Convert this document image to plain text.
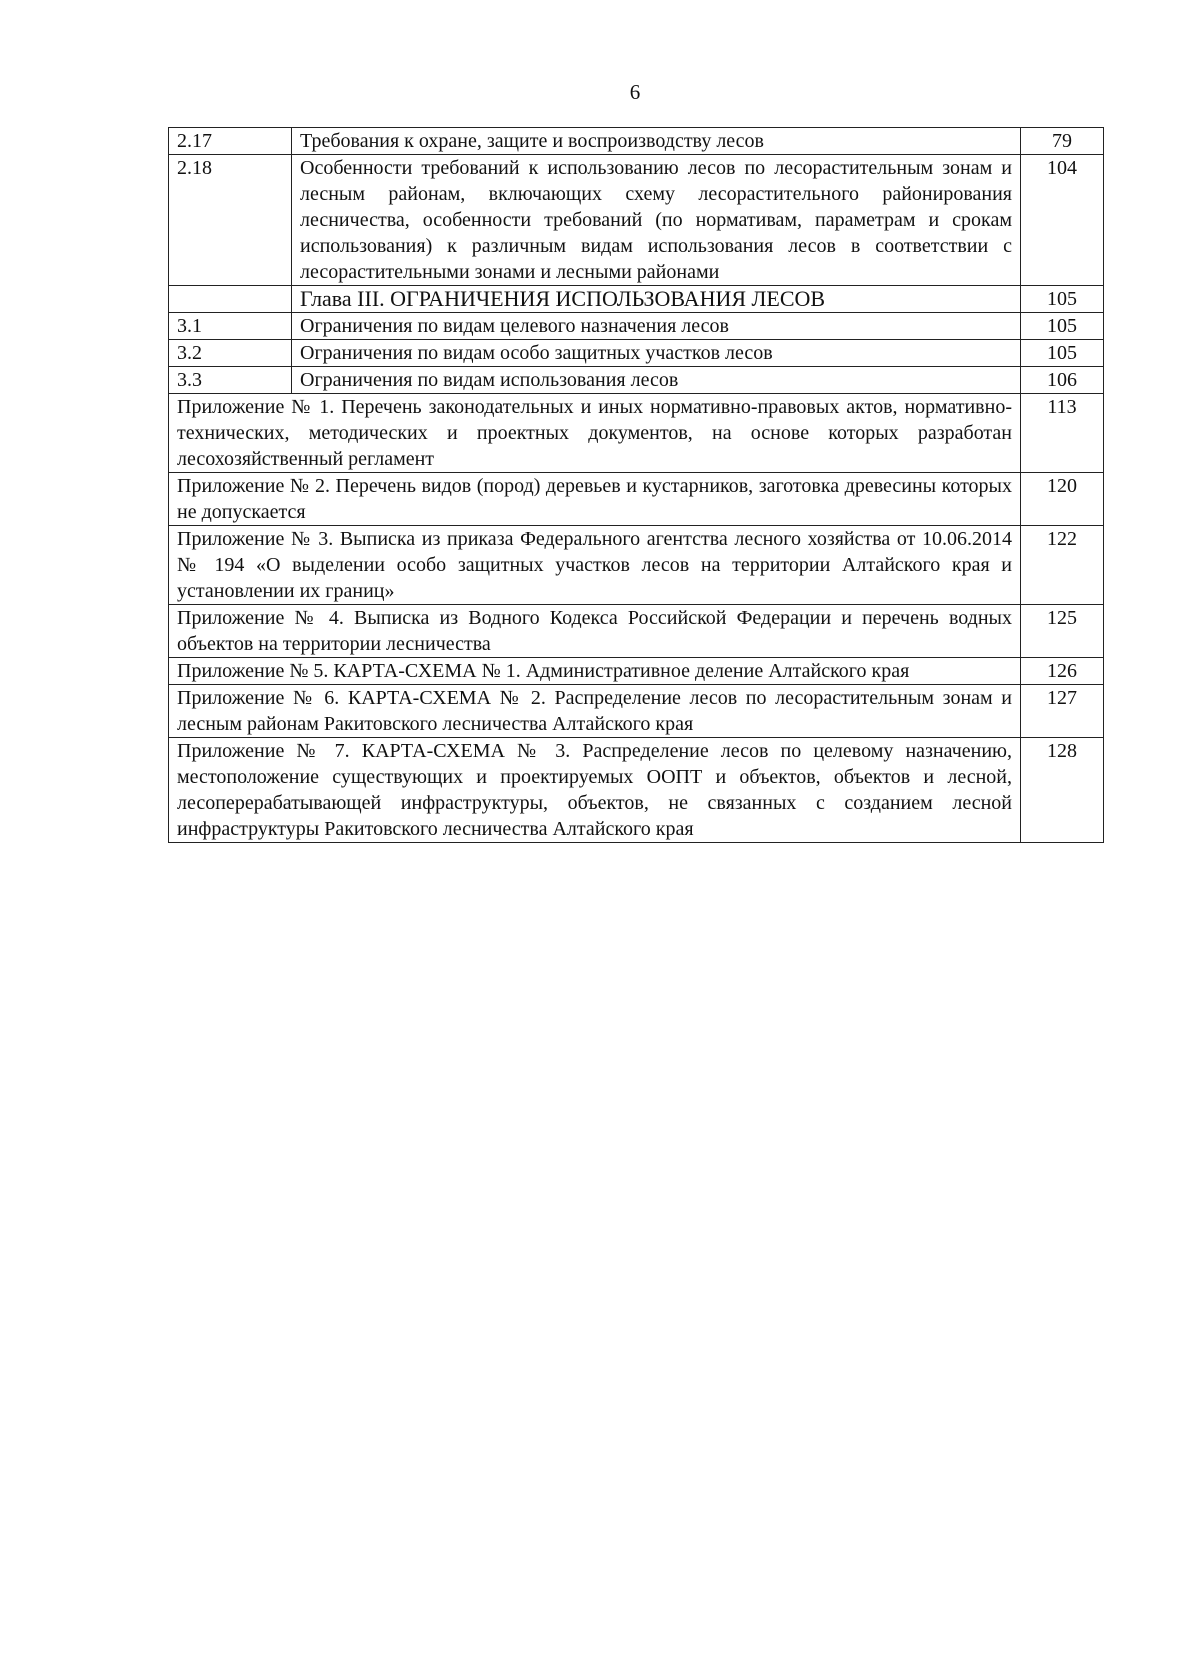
6
2.17	Требования к охране, защите и воспроизводству лесов	79
2.18	Особенности требований к использованию лесов по лесорастительным зонам и лесным районам, включающих схему лесорастительного районирования лесничества, особенности требований (по нормативам, параметрам и срокам использования) к различным видам использования лесов в соответствии с лесорастительными зонами и лесными районами	104
	Глава III. ОГРАНИЧЕНИЯ ИСПОЛЬЗОВАНИЯ ЛЕСОВ	105
3.1	Ограничения по видам целевого назначения лесов	105
3.2	Ограничения по видам особо защитных участков лесов	105
3.3	Ограничения по видам использования лесов	106
Приложение № 1. Перечень законодательных и иных нормативно-правовых актов, нормативно-технических, методических и проектных документов, на основе которых разработан лесохозяйственный регламент		113
Приложение № 2. Перечень видов (пород) деревьев и кустарников, заготовка древесины которых не допускается		120
Приложение № 3. Выписка из приказа Федерального агентства лесного хозяйства от 10.06.2014 № 194 «О выделении особо защитных участков лесов на территории Алтайского края и установлении их границ»		122
Приложение № 4. Выписка из Водного Кодекса Российской Федерации и перечень водных объектов на территории лесничества		125
Приложение № 5. КАРТА-СХЕМА № 1. Административное деление Алтайского края		126
Приложение № 6. КАРТА-СХЕМА № 2. Распределение лесов по лесорастительным зонам и лесным районам Ракитовского лесничества Алтайского края		127
Приложение № 7. КАРТА-СХЕМА № 3. Распределение лесов по целевому назначению, местоположение существующих и проектируемых ООПТ и объектов, объектов и лесной, лесоперерабатывающей инфраструктуры, объектов, не связанных с созданием лесной инфраструктуры Ракитовского лесничества Алтайского края		128
